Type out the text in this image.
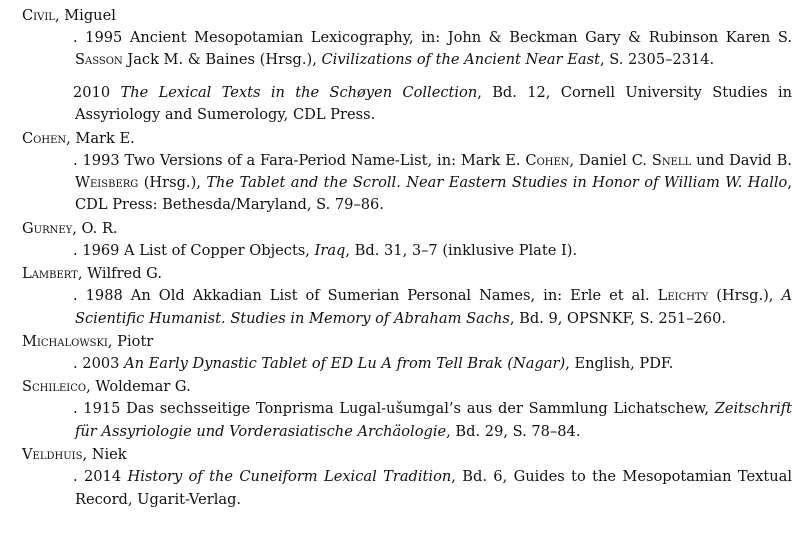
Civil, Miguel
. 1995 Ancient Mesopotamian Lexicography, in: John & Beckman Gary & Rubinson Karen S. Sasson Jack M. & Baines (Hrsg.), Civilizations of the Ancient Near East, S. 2305–2314.
2010 The Lexical Texts in the Schøyen Collection, Bd. 12, Cornell University Studies in Assyriology and Sumerology, CDL Press.
Cohen, Mark E.
. 1993 Two Versions of a Fara-Period Name-List, in: Mark E. Cohen, Daniel C. Snell und David B. Weisberg (Hrsg.), The Tablet and the Scroll. Near Eastern Studies in Honor of William W. Hallo, CDL Press: Bethesda/Maryland, S. 79–86.
Gurney, O. R.
. 1969 A List of Copper Objects, Iraq, Bd. 31, 3–7 (inklusive Plate I).
Lambert, Wilfred G.
. 1988 An Old Akkadian List of Sumerian Personal Names, in: Erle et al. Leichty (Hrsg.), A Scientific Humanist. Studies in Memory of Abraham Sachs, Bd. 9, OPSNKF, S. 251–260.
Michalowski, Piotr
. 2003 An Early Dynastic Tablet of ED Lu A from Tell Brak (Nagar), English, PDF.
Schileico, Woldemar G.
. 1915 Das sechsseitige Tonprisma Lugal-ušumgal’s aus der Sammlung Lichatschew, Zeitschrift für Assyriologie und Vorderasiatische Archäologie, Bd. 29, S. 78–84.
Veldhuis, Niek
. 2014 History of the Cuneiform Lexical Tradition, Bd. 6, Guides to the Mesopotamian Textual Record, Ugarit-Verlag.
